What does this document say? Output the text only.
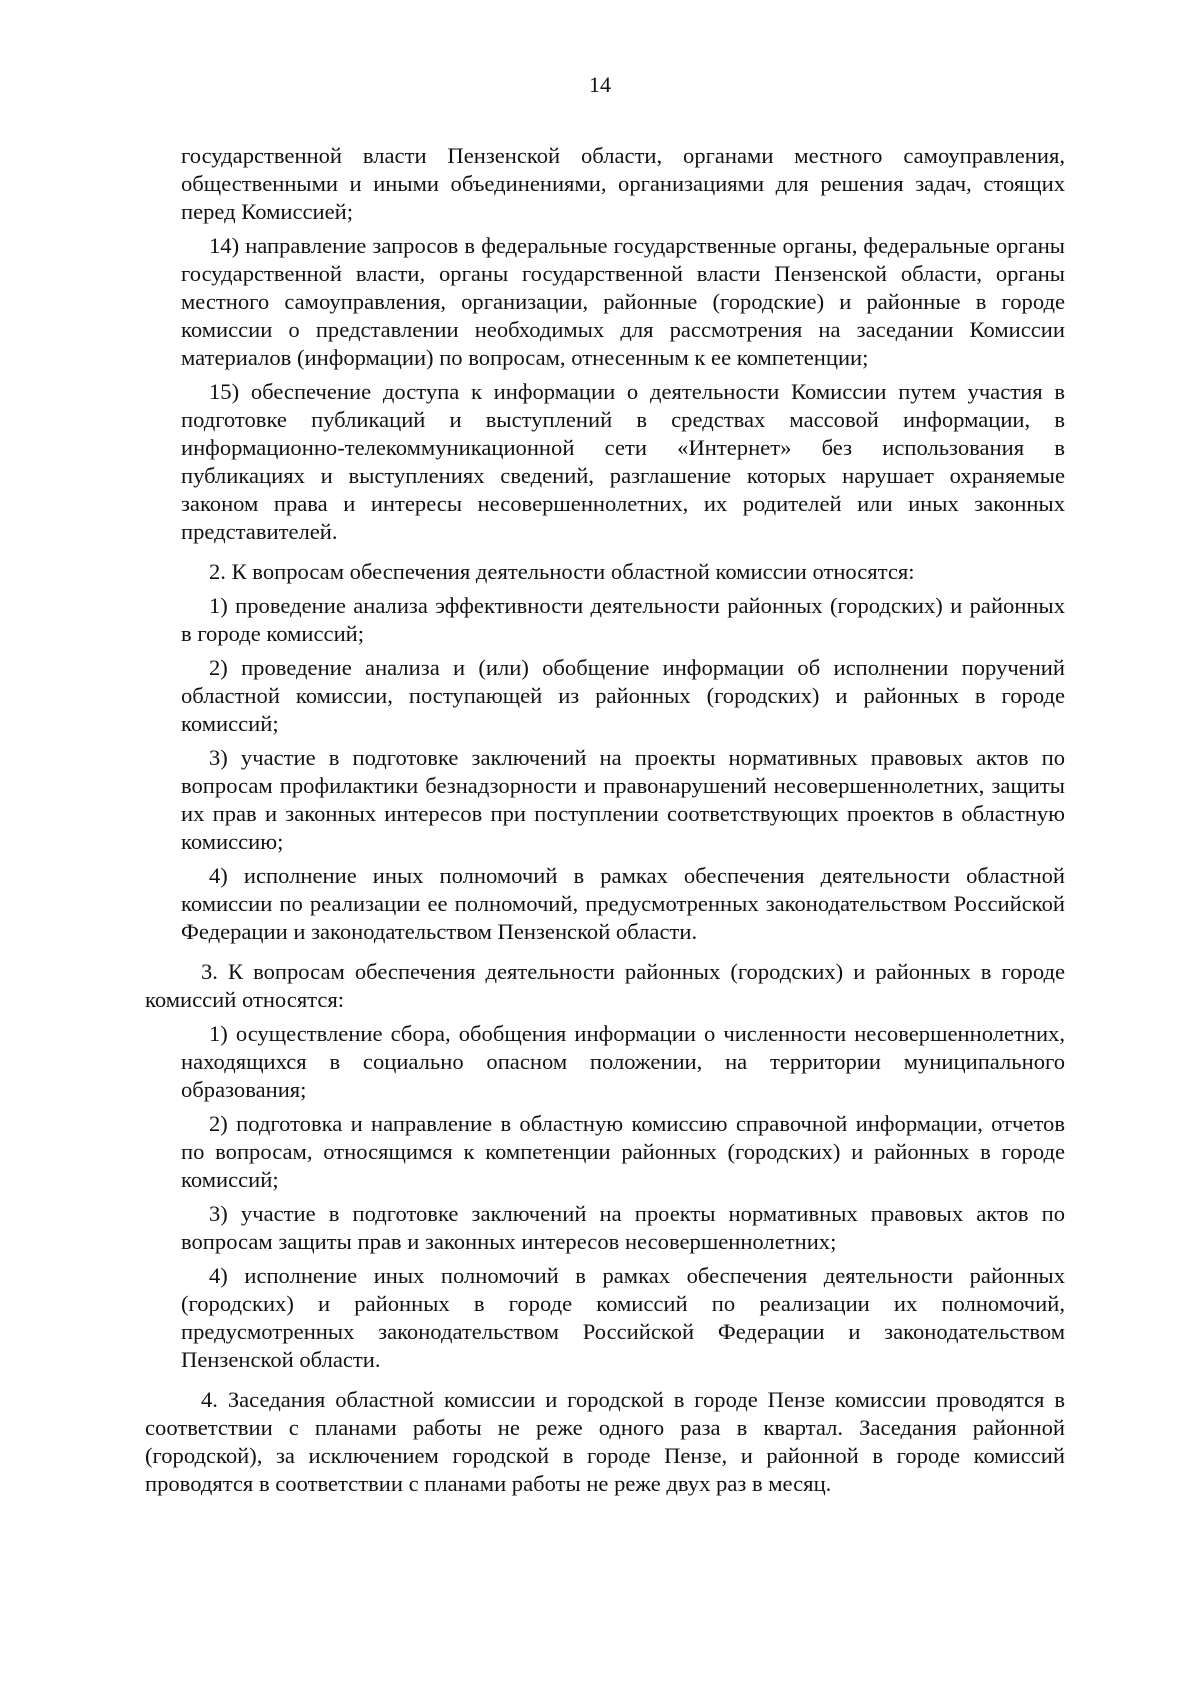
14

государственной власти Пензенской области, органами местного самоуправления, общественными и иными объединениями, организациями для решения задач, стоящих перед Комиссией;

14) направление запросов в федеральные государственные органы, федеральные органы государственной власти, органы государственной власти Пензенской области, органы местного самоуправления, организации, районные (городские) и районные в городе комиссии о представлении необходимых для рассмотрения на заседании Комиссии материалов (информации) по вопросам, отнесенным к ее компетенции;

15) обеспечение доступа к информации о деятельности Комиссии путем участия в подготовке публикаций и выступлений в средствах массовой информации, в информационно-телекоммуникационной сети «Интернет» без использования в публикациях и выступлениях сведений, разглашение которых нарушает охраняемые законом права и интересы несовершеннолетних, их родителей или иных законных представителей.

2. К вопросам обеспечения деятельности областной комиссии относятся:

1) проведение анализа эффективности деятельности районных (городских) и районных в городе комиссий;

2) проведение анализа и (или) обобщение информации об исполнении поручений областной комиссии, поступающей из районных (городских) и районных в городе комиссий;

3) участие в подготовке заключений на проекты нормативных правовых актов по вопросам профилактики безнадзорности и правонарушений несовершеннолетних, защиты их прав и законных интересов при поступлении соответствующих проектов в областную комиссию;

4) исполнение иных полномочий в рамках обеспечения деятельности областной комиссии по реализации ее полномочий, предусмотренных законодательством Российской Федерации и законодательством Пензенской области.

3. К вопросам обеспечения деятельности районных (городских) и районных в городе комиссий относятся:

1) осуществление сбора, обобщения информации о численности несовершеннолетних, находящихся в социально опасном положении, на территории муниципального образования;

2) подготовка и направление в областную комиссию справочной информации, отчетов по вопросам, относящимся к компетенции районных (городских) и районных в городе комиссий;

3) участие в подготовке заключений на проекты нормативных правовых актов по вопросам защиты прав и законных интересов несовершеннолетних;

4) исполнение иных полномочий в рамках обеспечения деятельности районных (городских) и районных в городе комиссий по реализации их полномочий, предусмотренных законодательством Российской Федерации и законодательством Пензенской области.

4. Заседания областной комиссии и городской в городе Пензе комиссии проводятся в соответствии с планами работы не реже одного раза в квартал. Заседания районной (городской), за исключением городской в городе Пензе, и районной в городе комиссий проводятся в соответствии с планами работы не реже двух раз в месяц.
